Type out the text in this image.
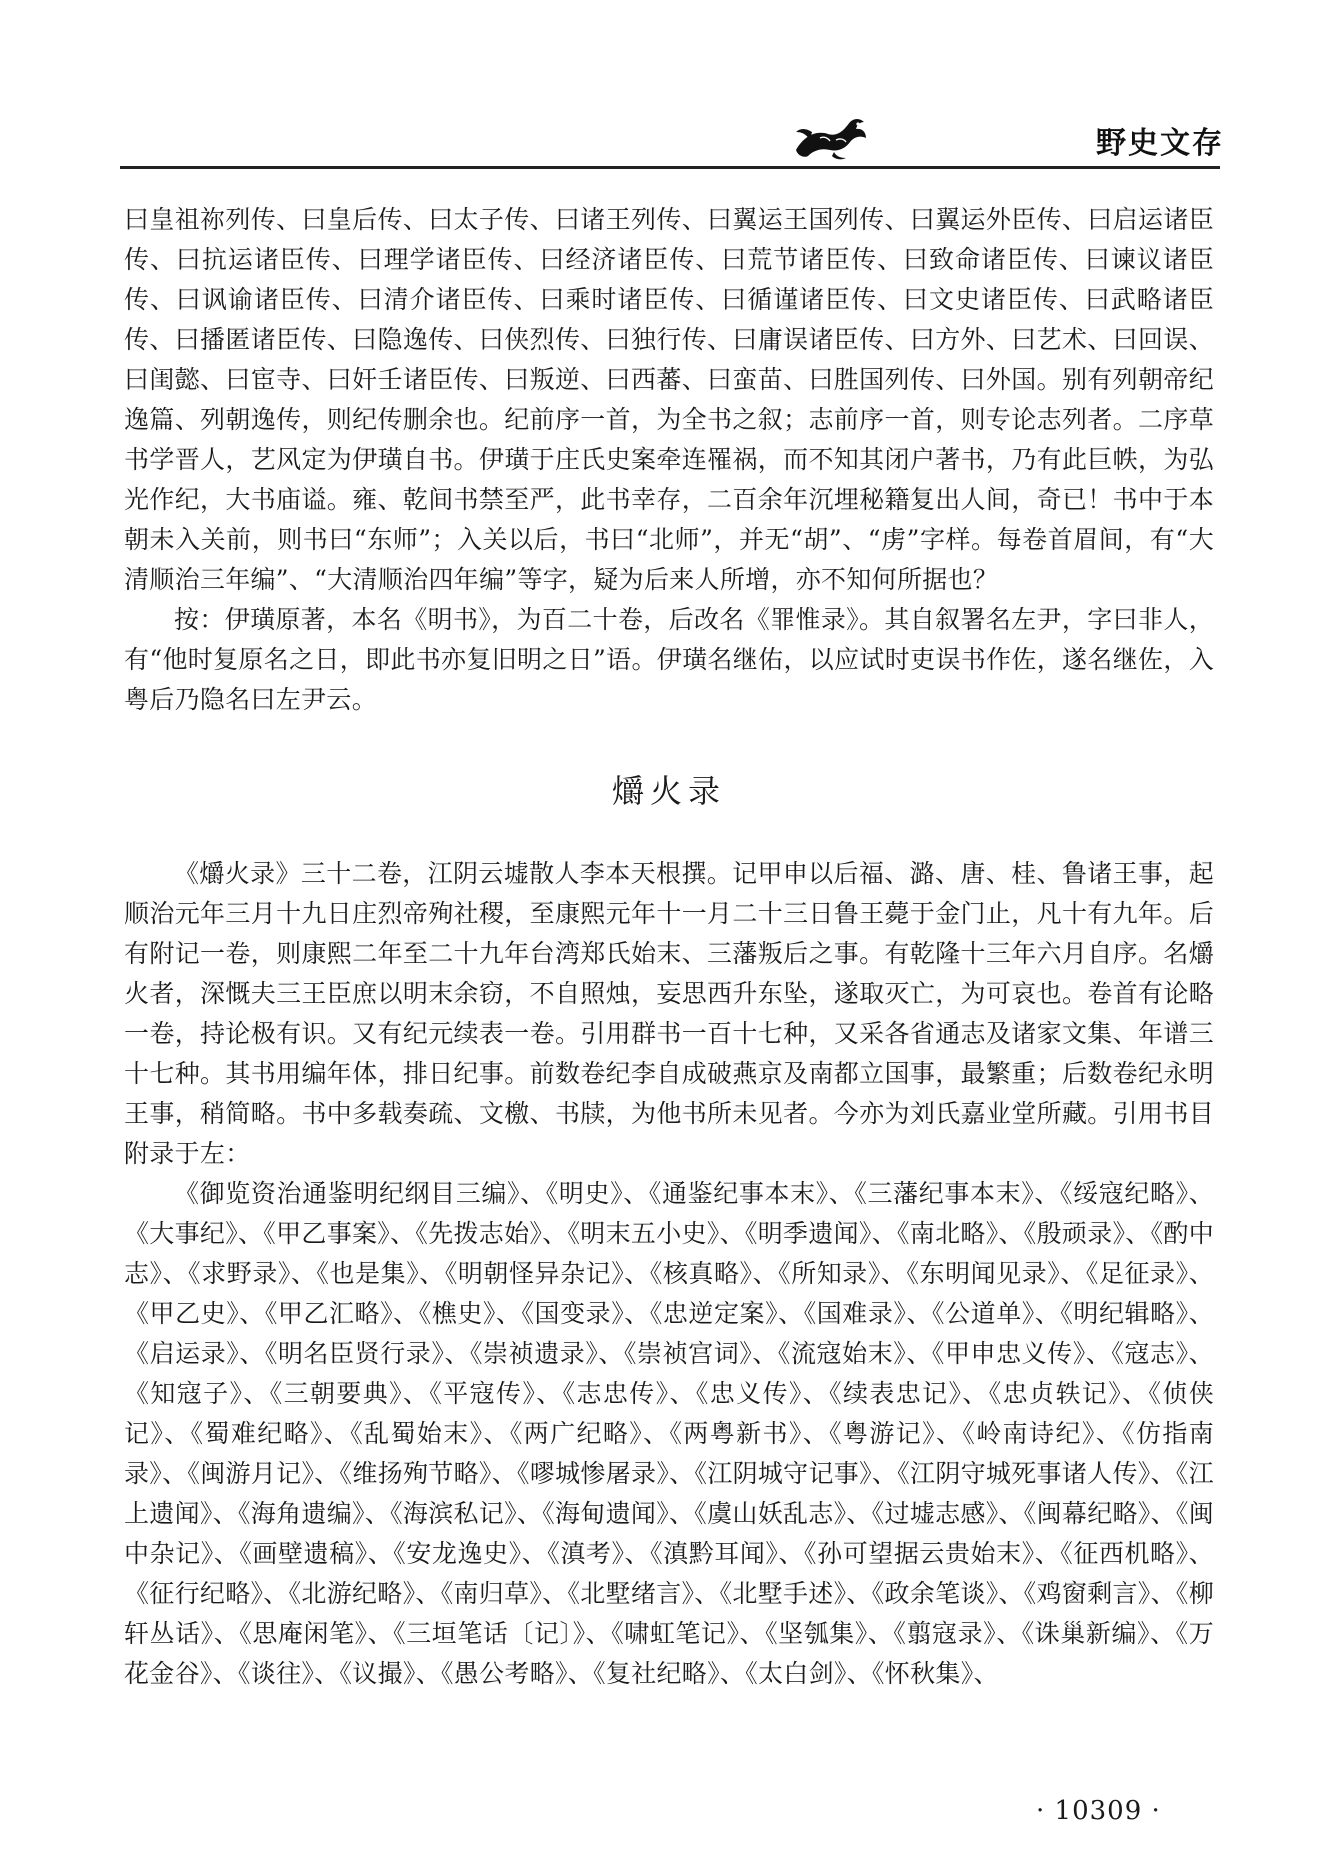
野史文存

曰皇祖祢列传、曰皇后传、曰太子传、曰诸王列传、曰翼运王国列传、曰翼运外臣传、曰启运诸臣传、曰抗运诸臣传、曰理学诸臣传、曰经济诸臣传、曰荒节诸臣传、曰致命诸臣传、曰谏议诸臣传、曰讽谕诸臣传、曰清介诸臣传、曰乘时诸臣传、曰循谨诸臣传、曰文史诸臣传、曰武略诸臣传、曰播匿诸臣传、曰隐逸传、曰侠烈传、曰独行传、曰庸误诸臣传、曰方外、曰艺术、曰回误、曰闺懿、曰宦寺、曰奸壬诸臣传、曰叛逆、曰西蕃、曰蛮苗、曰胜国列传、曰外国。别有列朝帝纪逸篇、列朝逸传，则纪传删余也。纪前序一首，为全书之叙；志前序一首，则专论志列者。二序草书学晋人，艺风定为伊璜自书。伊璜于庄氏史案牵连罹祸，而不知其闭户著书，乃有此巨帙，为弘光作纪，大书庙谥。雍、乾间书禁至严，此书幸存，二百余年沉埋秘籍复出人间，奇已！书中于本朝未入关前，则书曰“东师”；入关以后，书曰“北师”，并无“胡”、“虏”字样。每卷首眉间，有“大清顺治三年编”、“大清顺治四年编”等字，疑为后来人所增，亦不知何所据也？

按：伊璜原著，本名《明书》，为百二十卷，后改名《罪惟录》。其自叙署名左尹，字曰非人，有“他时复原名之日，即此书亦复旧明之日”语。伊璜名继佑，以应试时吏误书作佐，遂名继佐，入粤后乃隐名曰左尹云。

爝火录

《爝火录》三十二卷，江阴云墟散人李本天根撰。记甲申以后福、潞、唐、桂、鲁诸王事，起顺治元年三月十九日庄烈帝殉社稷，至康熙元年十一月二十三日鲁王薨于金门止，凡十有九年。后有附记一卷，则康熙二年至二十九年台湾郑氏始末、三藩叛后之事。有乾隆十三年六月自序。名爝火者，深慨夫三王臣庶以明末余窃，不自照烛，妄思西升东坠，遂取灭亡，为可哀也。卷首有论略一卷，持论极有识。又有纪元续表一卷。引用群书一百十七种，又采各省通志及诸家文集、年谱三十七种。其书用编年体，排日纪事。前数卷纪李自成破燕京及南都立国事，最繁重；后数卷纪永明王事，稍简略。书中多载奏疏、文檄、书牍，为他书所未见者。今亦为刘氏嘉业堂所藏。引用书目附录于左：

《御览资治通鉴明纪纲目三编》、《明史》、《通鉴纪事本末》、《三藩纪事本末》、《绥寇纪略》、《大事纪》、《甲乙事案》、《先拨志始》、《明末五小史》、《明季遗闻》、《南北略》、《殷顽录》、《酌中志》、《求野录》、《也是集》、《明朝怪异杂记》、《核真略》、《所知录》、《东明闻见录》、《足征录》、《甲乙史》、《甲乙汇略》、《樵史》、《国变录》、《忠逆定案》、《国难录》、《公道单》、《明纪辑略》、《启运录》、《明名臣贤行录》、《崇祯遗录》、《崇祯宫词》、《流寇始末》、《甲申忠义传》、《寇志》、《知寇子》、《三朝要典》、《平寇传》、《志忠传》、《忠义传》、《续表忠记》、《忠贞轶记》、《侦侠记》、《蜀难纪略》、《乱蜀始末》、《两广纪略》、《两粤新书》、《粤游记》、《岭南诗纪》、《仿指南录》、《闽游月记》、《维扬殉节略》、《嘐城惨屠录》、《江阴城守记事》、《江阴守城死事诸人传》、《江上遗闻》、《海角遗编》、《海滨私记》、《海甸遗闻》、《虞山妖乱志》、《过墟志感》、《闽幕纪略》、《闽中杂记》、《画壁遗稿》、《安龙逸史》、《滇考》、《滇黔耳闻》、《孙可望据云贵始末》、《征西机略》、《征行纪略》、《北游纪略》、《南归草》、《北墅绪言》、《北墅手述》、《政余笔谈》、《鸡窗剩言》、《柳轩丛话》、《思庵闲笔》、《三垣笔话〔记〕》、《啸虹笔记》、《坚瓠集》、《翦寇录》、《诛巢新编》、《万花金谷》、《谈往》、《议撮》、《愚公考略》、《复社纪略》、《太白剑》、《怀秋集》、

· 10309 ·
